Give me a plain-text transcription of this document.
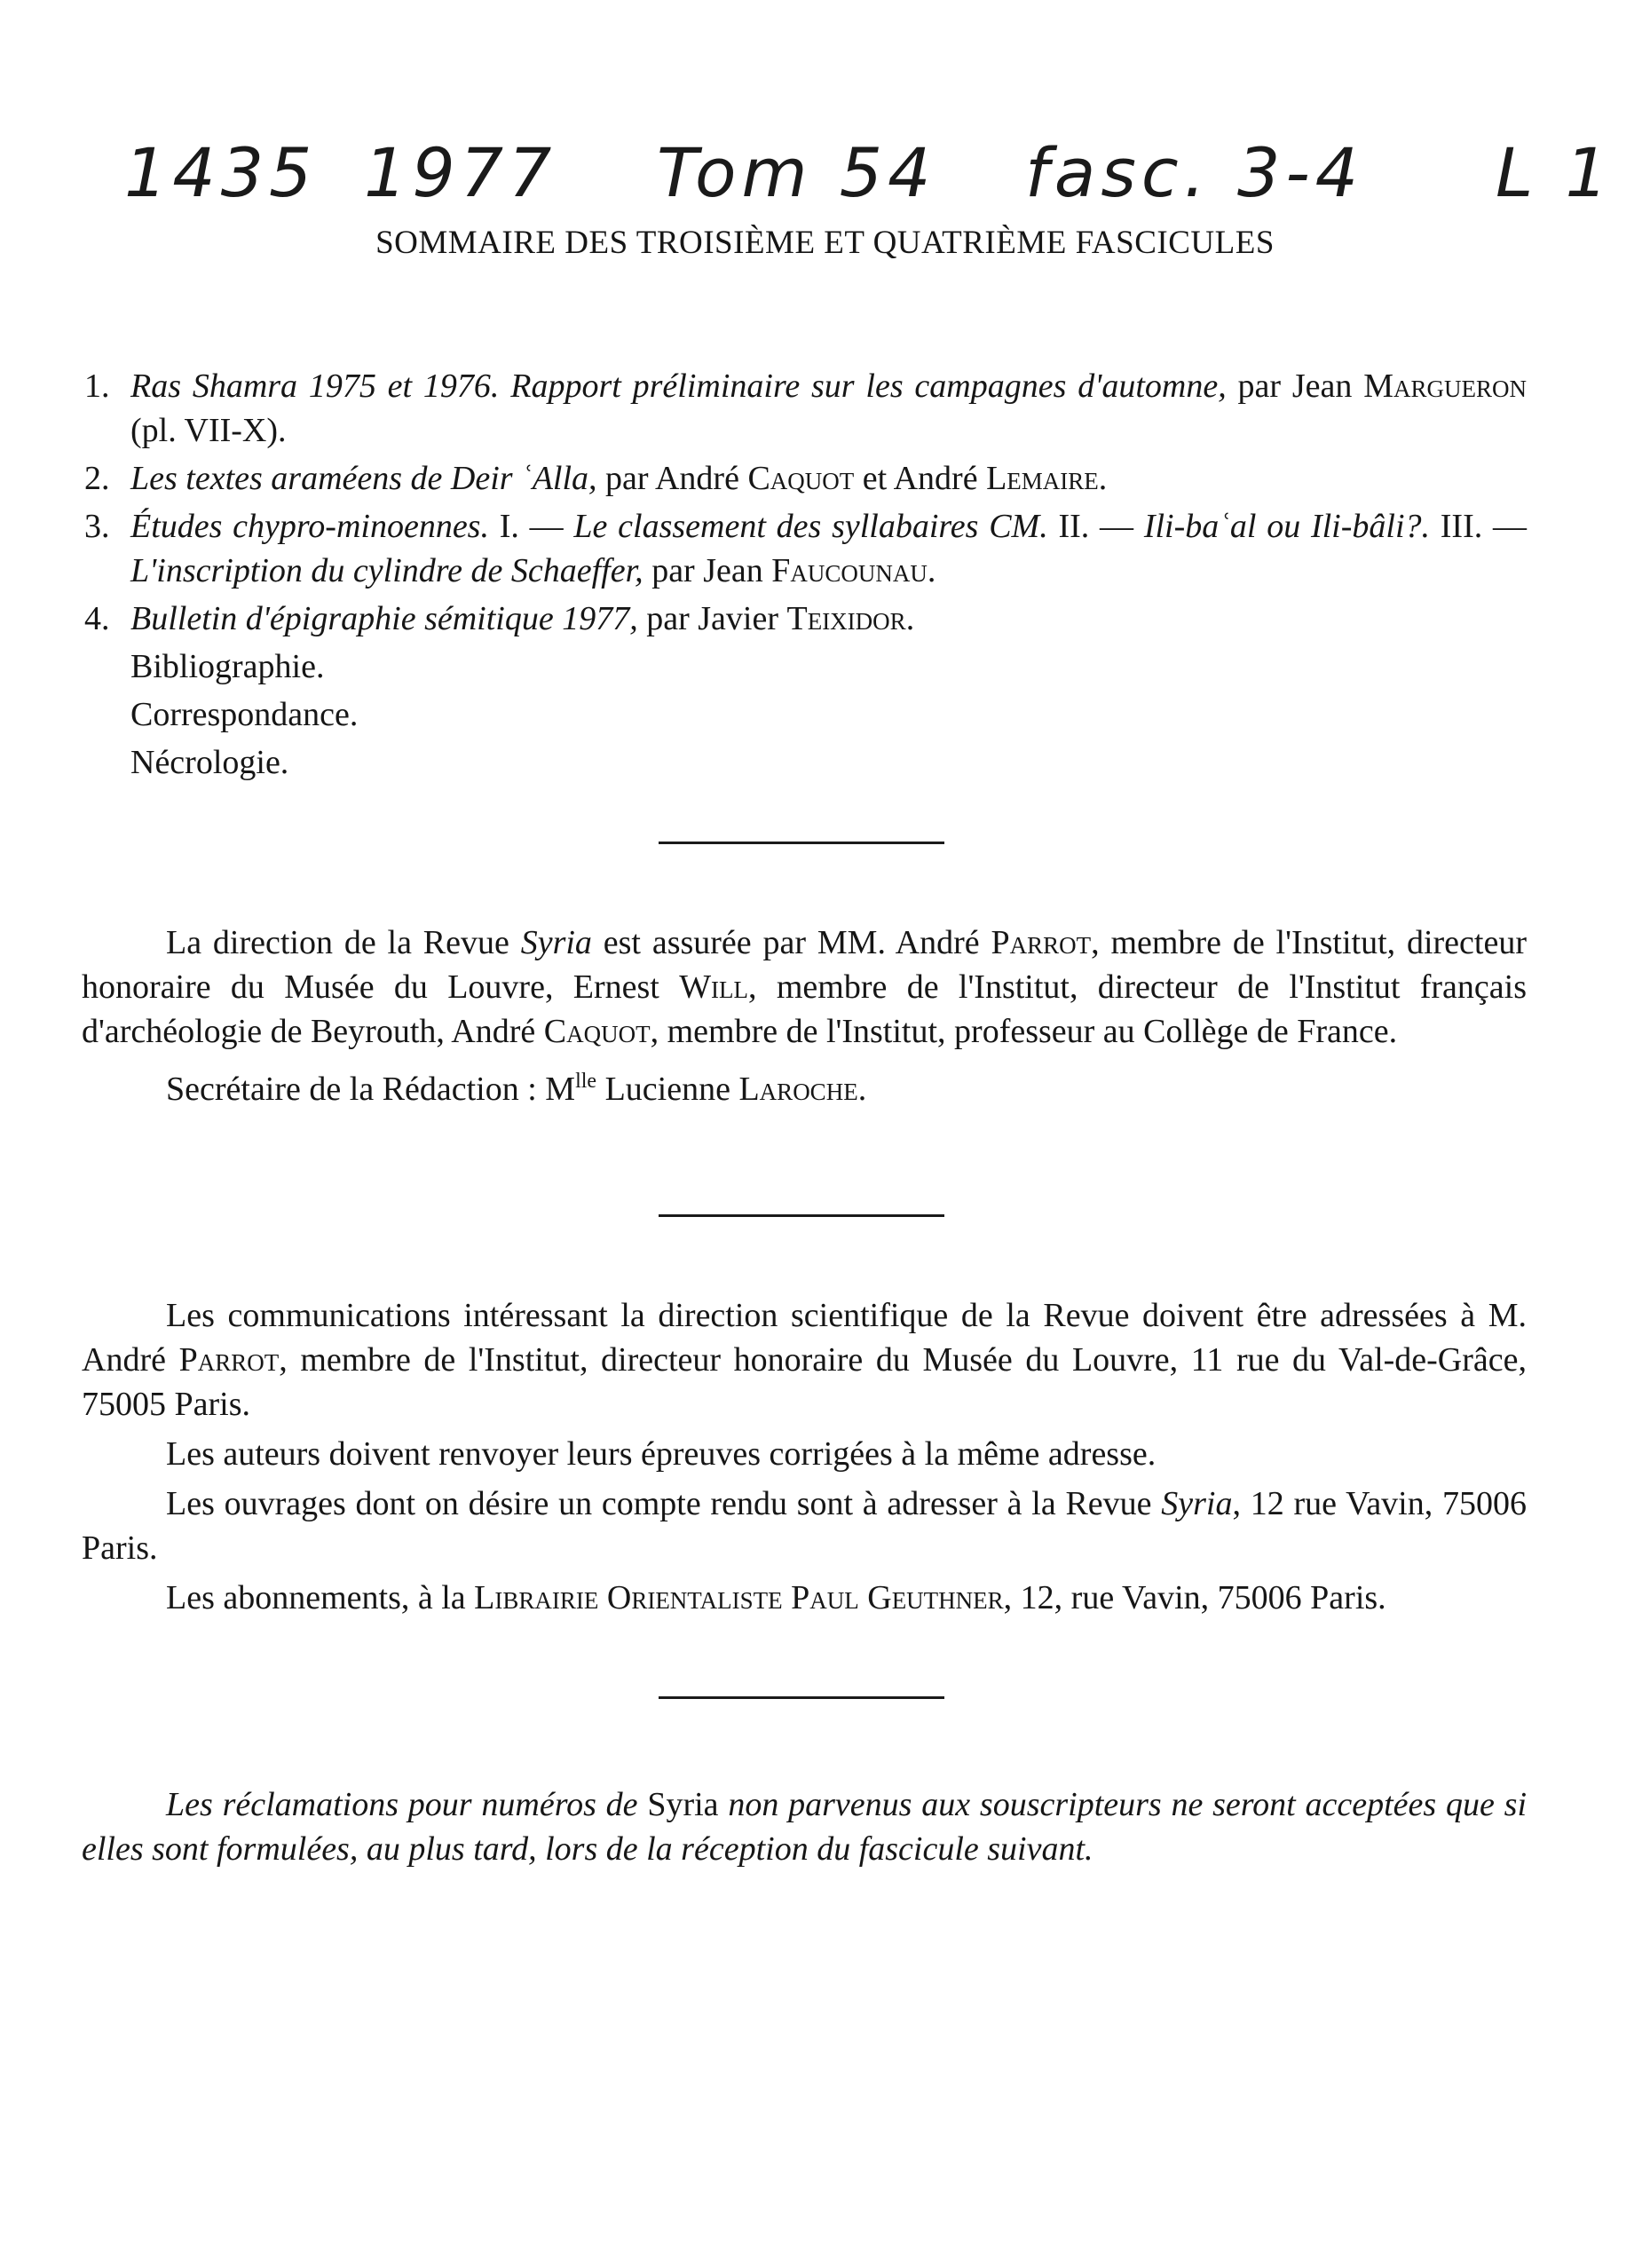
1435 1977 Tom 54 fasc. 3-4 L 1
SOMMAIRE DES TROISIÈME ET QUATRIÈME FASCICULES
1. Ras Shamra 1975 et 1976. Rapport préliminaire sur les campagnes d'automne, par Jean Margueron (pl. VII-X).
2. Les textes araméens de Deir ʿAlla, par André Caquot et André Lemaire.
3. Études chypro-minoennes. I. — Le classement des syllabaires CM. II. — Ili-baʿal ou Ili-bâli?. III. — L'inscription du cylindre de Schaeffer, par Jean Faucounau.
4. Bulletin d'épigraphie sémitique 1977, par Javier Teixidor.
Bibliographie.
Correspondance.
Nécrologie.

La direction de la Revue Syria est assurée par MM. André Parrot, membre de l'Institut, directeur honoraire du Musée du Louvre, Ernest Will, membre de l'Institut, directeur de l'Institut français d'archéologie de Beyrouth, André Caquot, membre de l'Institut, professeur au Collège de France.

Secrétaire de la Rédaction : $M^{lle}$ Lucienne Laroche.

Les communications intéressant la direction scientifique de la Revue doivent être adressées à M. André Parrot, membre de l'Institut, directeur honoraire du Musée du Louvre, 11 rue du Val-de-Grâce, 75005 Paris.

Les auteurs doivent renvoyer leurs épreuves corrigées à la même adresse.

Les ouvrages dont on désire un compte rendu sont à adresser à la Revue Syria, 12 rue Vavin, 75006 Paris.

Les abonnements, à la Librairie Orientaliste Paul Geuthner, 12, rue Vavin, 75006 Paris.

Les réclamations pour numéros de Syria non parvenus aux souscripteurs ne seront acceptées que si elles sont formulées, au plus tard, lors de la réception du fascicule suivant.
